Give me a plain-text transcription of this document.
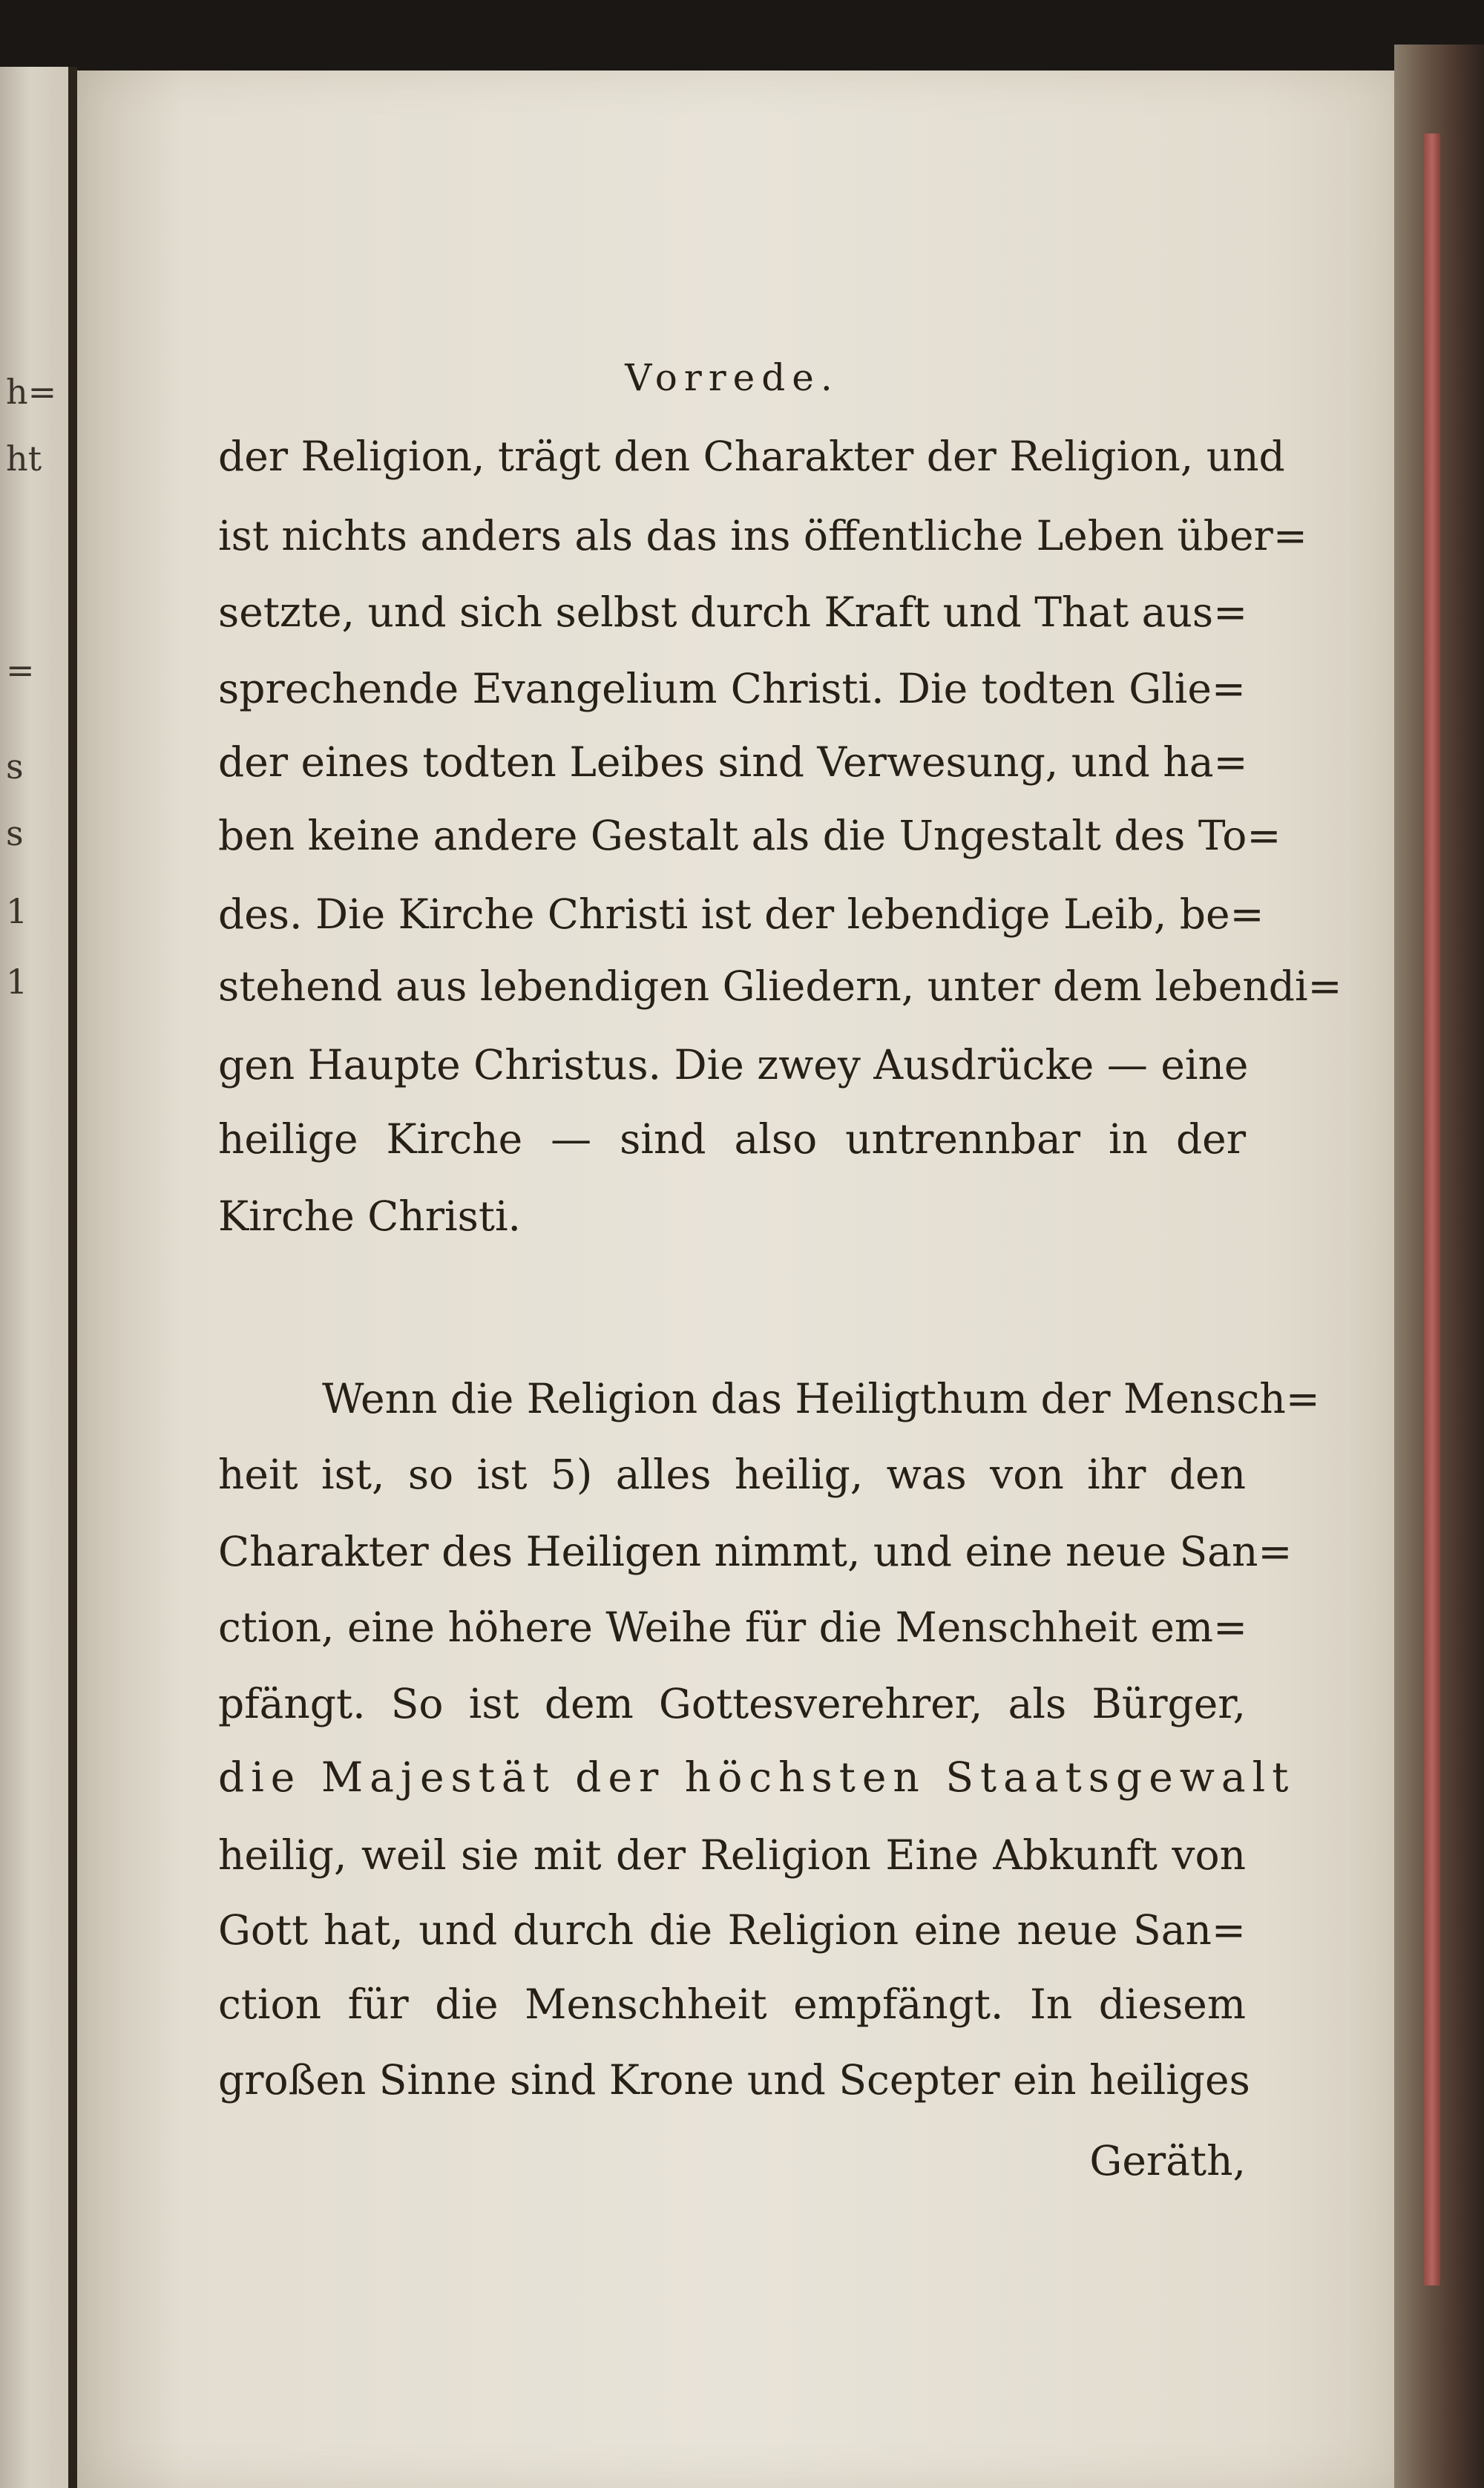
h=
ht
=
s
s
1
1
Vorrede.
der Religion, trägt den Charakter der Religion, und
ist nichts anders als das ins öffentliche Leben über=
setzte, und sich selbst durch Kraft und That aus=
sprechende Evangelium Christi. Die todten Glie=
der eines todten Leibes sind Verwesung, und ha=
ben keine andere Gestalt als die Ungestalt des To=
des. Die Kirche Christi ist der lebendige Leib, be=
stehend aus lebendigen Gliedern, unter dem lebendi=
gen Haupte Christus. Die zwey Ausdrücke — eine
heilige Kirche — sind also untrennbar in der
Kirche Christi.
Wenn die Religion das Heiligthum der Mensch=
heit ist, so ist 5) alles heilig, was von ihr den
Charakter des Heiligen nimmt, und eine neue San=
ction, eine höhere Weihe für die Menschheit em=
pfängt. So ist dem Gottesverehrer, als Bürger,
die Majestät der höchsten Staatsgewalt
heilig, weil sie mit der Religion Eine Abkunft von
Gott hat, und durch die Religion eine neue San=
ction für die Menschheit empfängt. In diesem
großen Sinne sind Krone und Scepter ein heiliges
Geräth,
